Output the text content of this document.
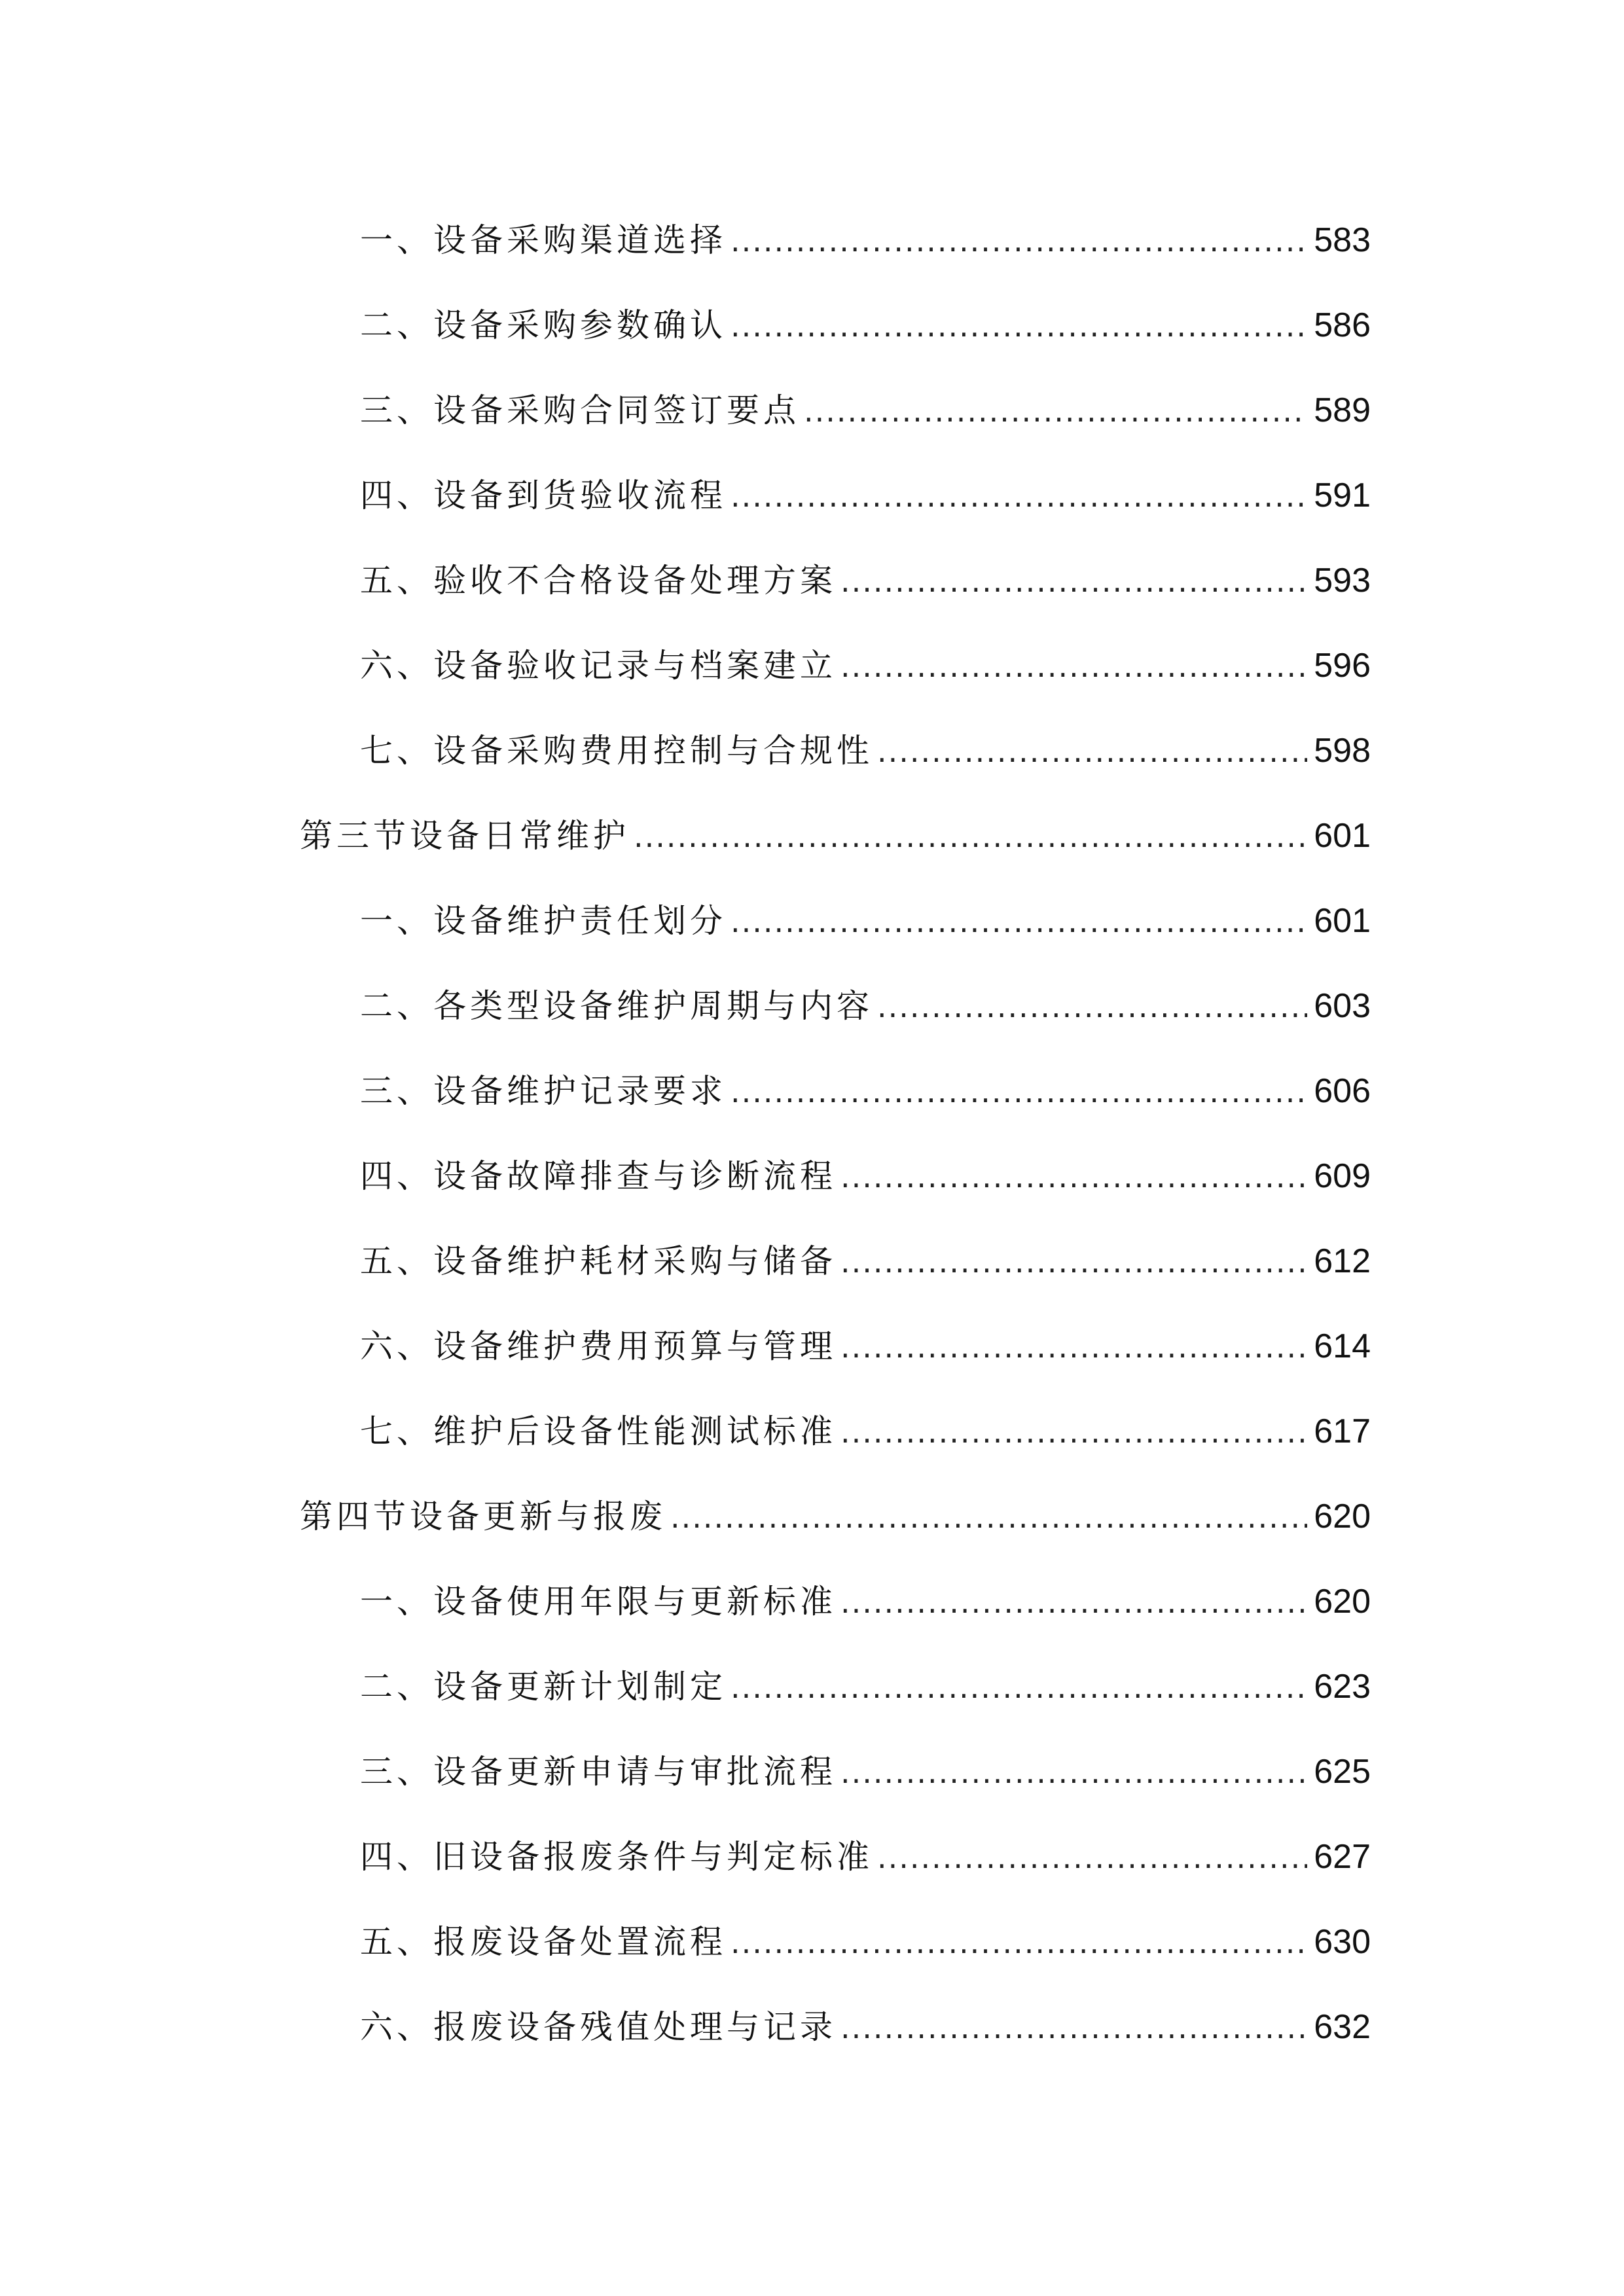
一、设备采购渠道选择 .....	583
二、设备采购参数确认 .....	586
三、设备采购合同签订要点 .....	589
四、设备到货验收流程 .....	591
五、验收不合格设备处理方案 .....	593
六、设备验收记录与档案建立 .....	596
七、设备采购费用控制与合规性 .....	598
第三节设备日常维护 .....	601
一、设备维护责任划分 .....	601
二、各类型设备维护周期与内容 .....	603
三、设备维护记录要求 .....	606
四、设备故障排查与诊断流程 .....	609
五、设备维护耗材采购与储备 .....	612
六、设备维护费用预算与管理 .....	614
七、维护后设备性能测试标准 .....	617
第四节设备更新与报废 .....	620
一、设备使用年限与更新标准 .....	620
二、设备更新计划制定 .....	623
三、设备更新申请与审批流程 .....	625
四、旧设备报废条件与判定标准 .....	627
五、报废设备处置流程 .....	630
六、报废设备残值处理与记录 .....	632
